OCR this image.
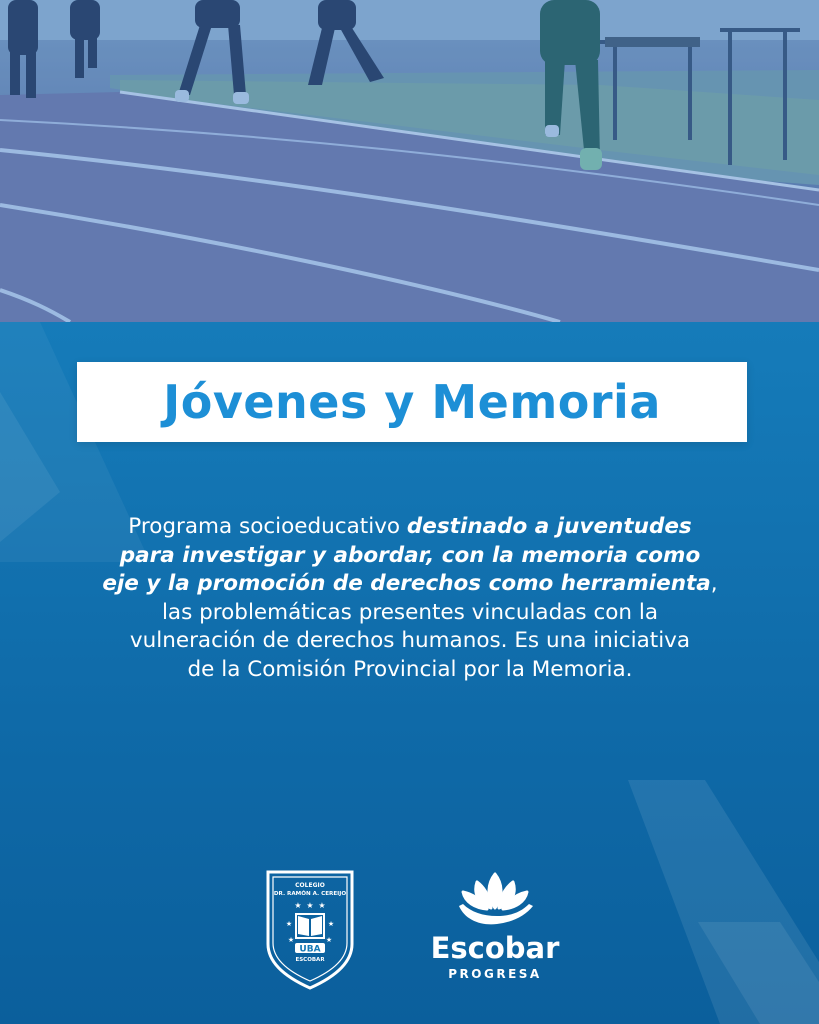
Jóvenes y Memoria
Programa socioeducativo destinado a juventudes
para investigar y abordar, con la memoria como
eje y la promoción de derechos como herramienta,
las problemáticas presentes vinculadas con la
vulneración de derechos humanos. Es una iniciativa
de la Comisión Provincial por la Memoria.
COLEGIO
DR. RAMÓN A. CEREIJO
★ ★ ★
★	★
★	★
UBA
ESCOBAR	Escobar
PROGRESA
